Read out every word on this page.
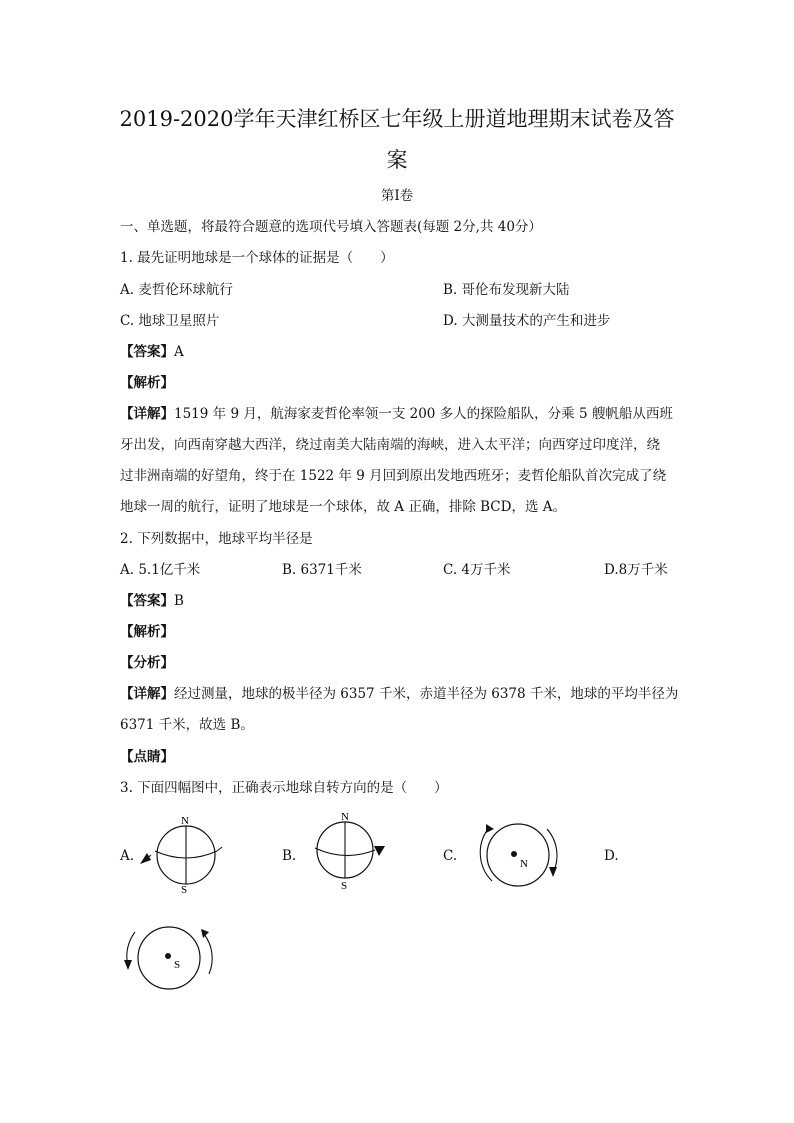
2019-2020学年天津红桥区七年级上册道地理期末试卷及答
案
第Ⅰ卷
一、单选题，将最符合题意的选项代号填入答题表(每题 2分,共 40分）
1. 最先证明地球是一个球体的证据是（　　）
A. 麦哲伦环球航行	B. 哥伦布发现新大陆
C. 地球卫星照片	D. 大测量技术的产生和进步
【答案】A
【解析】
【详解】1519 年 9 月，航海家麦哲伦率领一支 200 多人的探险船队，分乘 5 艘帆船从西班
牙出发，向西南穿越大西洋，绕过南美大陆南端的海峡，进入太平洋；向西穿过印度洋，绕
过非洲南端的好望角，终于在 1522 年 9 月回到原出发地西班牙；麦哲伦船队首次完成了绕
地球一周的航行，证明了地球是一个球体，故 A 正确，排除 BCD，选 A。
2. 下列数据中，地球平均半径是
A. 5.1亿千米	B. 6371千米	C. 4万千米	D.8万千米
【答案】B
【解析】
【分析】
【详解】经过测量，地球的极半径为 6357 千米，赤道半径为 6378 千米，地球的平均半径为
6371 千米，故选 B。
【点睛】
3. 下面四幅图中，正确表示地球自转方向的是（　　）
A.	B.	C.	D.
N
S
N
S
N
S
